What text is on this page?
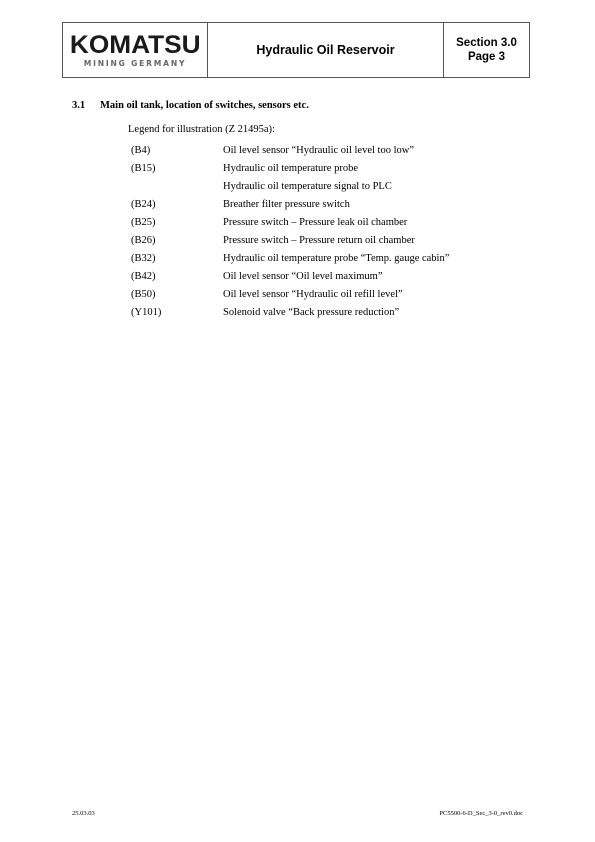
KOMATSU
MINING GERMANY
Hydraulic Oil Reservoir	Section 3.0
Page 3
3.1	Main oil tank, location of switches, sensors etc.
Legend for illustration (Z 21495a):
(B4)	Oil level sensor “Hydraulic oil level too low”
(B15)	Hydraulic oil temperature probe
Hydraulic oil temperature signal to PLC
(B24)	Breather filter pressure switch
(B25)	Pressure switch – Pressure leak oil chamber
(B26)	Pressure switch – Pressure return oil chamber
(B32)	Hydraulic oil temperature probe “Temp. gauge cabin”
(B42)	Oil level sensor “Oil level maximum”
(B50)	Oil level sensor “Hydraulic oil refill level”
(Y101)	Solenoid valve “Back pressure reduction”
25.03.03	PC5500-6-D_Sec_3-0_rev0.doc
